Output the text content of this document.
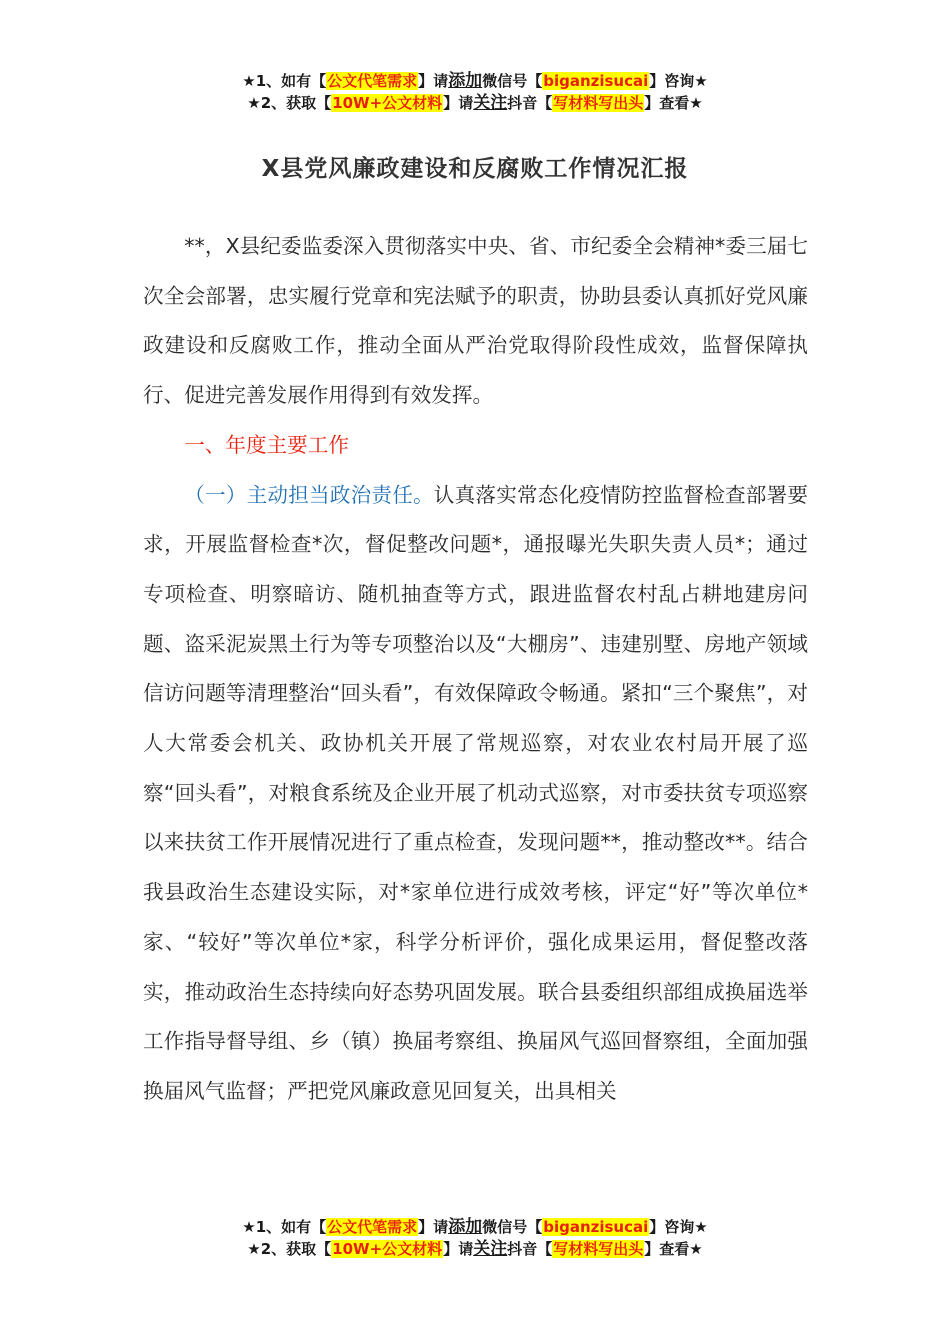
★1、如有【公文代笔需求】请添加微信号【biganzisucai】咨询★
★2、获取【10W+公文材料】请关注抖音【写材料写出头】查看★
X县党风廉政建设和反腐败工作情况汇报

**，X县纪委监委深入贯彻落实中央、省、市纪委全会精神*委三届七次全会部署，忠实履行党章和宪法赋予的职责，协助县委认真抓好党风廉政建设和反腐败工作，推动全面从严治党取得阶段性成效，监督保障执行、促进完善发展作用得到有效发挥。

一、年度主要工作

（一）主动担当政治责任。认真落实常态化疫情防控监督检查部署要求，开展监督检查*次，督促整改问题*，通报曝光失职失责人员*；通过专项检查、明察暗访、随机抽查等方式，跟进监督农村乱占耕地建房问题、盗采泥炭黑土行为等专项整治以及“大棚房”、违建别墅、房地产领域信访问题等清理整治“回头看”，有效保障政令畅通。紧扣“三个聚焦”，对人大常委会机关、政协机关开展了常规巡察，对农业农村局开展了巡察“回头看”，对粮食系统及企业开展了机动式巡察，对市委扶贫专项巡察以来扶贫工作开展情况进行了重点检查，发现问题**，推动整改**。结合我县政治生态建设实际，对*家单位进行成效考核，评定“好”等次单位*家、“较好”等次单位*家，科学分析评价，强化成果运用，督促整改落实，推动政治生态持续向好态势巩固发展。联合县委组织部组成换届选举工作指导督导组、乡（镇）换届考察组、换届风气巡回督察组，全面加强换届风气监督；严把党风廉政意见回复关，出具相关

★1、如有【公文代笔需求】请添加微信号【biganzisucai】咨询★
★2、获取【10W+公文材料】请关注抖音【写材料写出头】查看★
